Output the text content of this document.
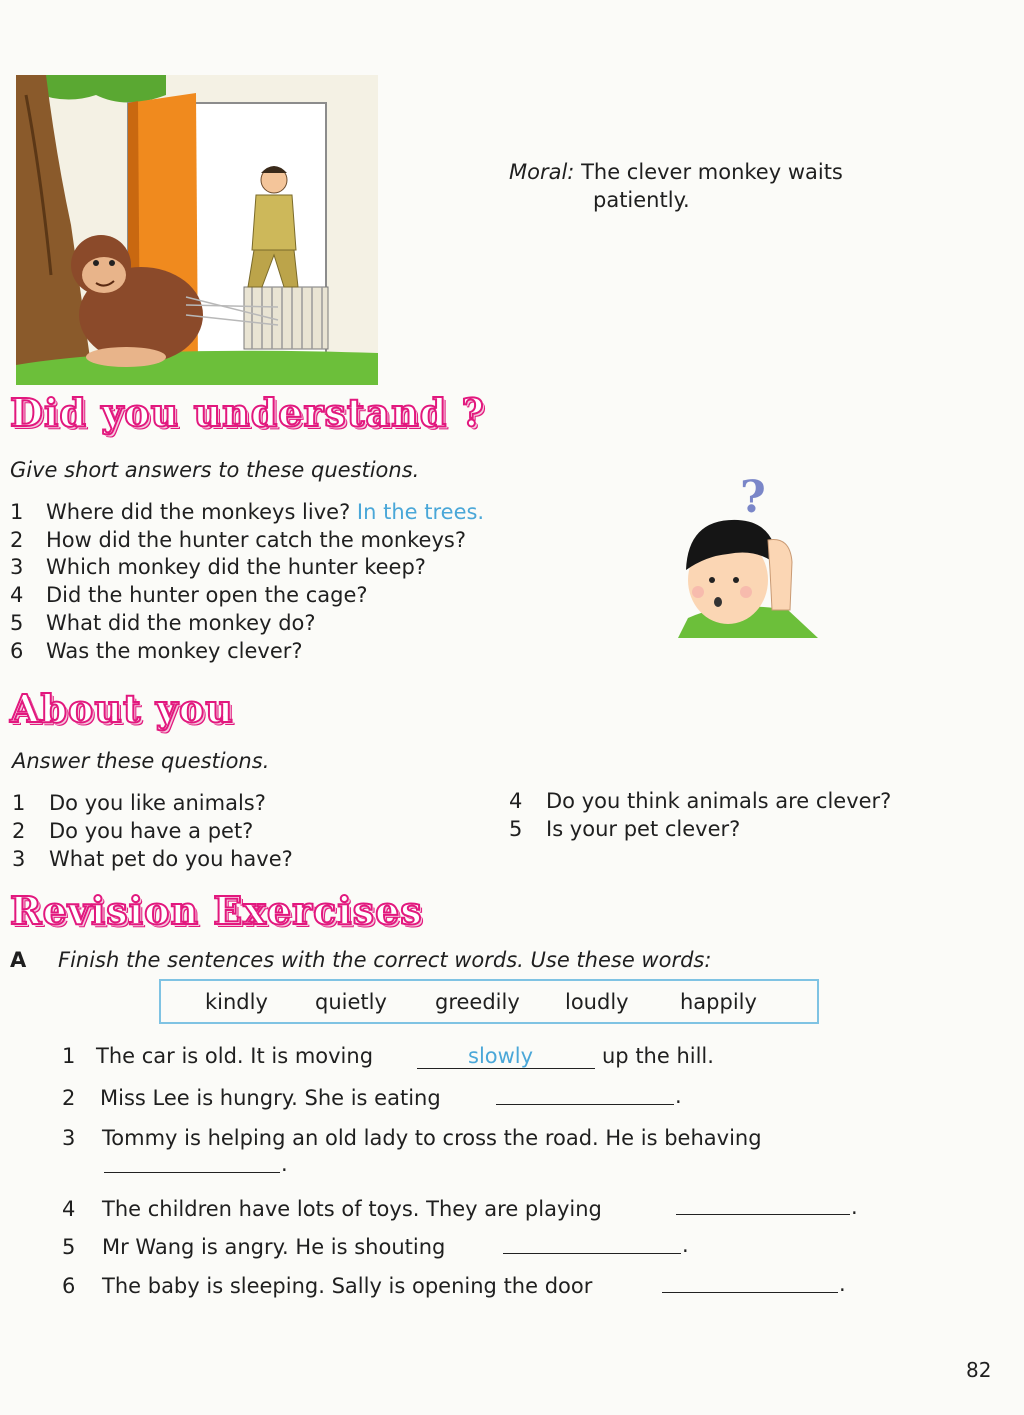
Moral: The clever monkey waits
patiently.
Did you understand ?
Give short answers to these questions.
1 Where did the monkeys live? In the trees.
2 How did the hunter catch the monkeys?
3 Which monkey did the hunter keep?
4 Did the hunter open the cage?
5 What did the monkey do?
6 Was the monkey clever?
?
About you
Answer these questions.
1 Do you like animals?
2 Do you have a pet?
3 What pet do you have?
4 Do you think animals are clever?
5 Is your pet clever?
Revision Exercises
A Finish the sentences with the correct words. Use these words:
kindly quietly greedily loudly happily
1 The car is old. It is moving	slowly	up the hill.
2 Miss Lee is hungry. She is eating	.
3 Tommy is helping an old lady to cross the road. He is behaving
.
4 The children have lots of toys. They are playing	.
5 Mr Wang is angry. He is shouting	.
6 The baby is sleeping. Sally is opening the door	.
82
